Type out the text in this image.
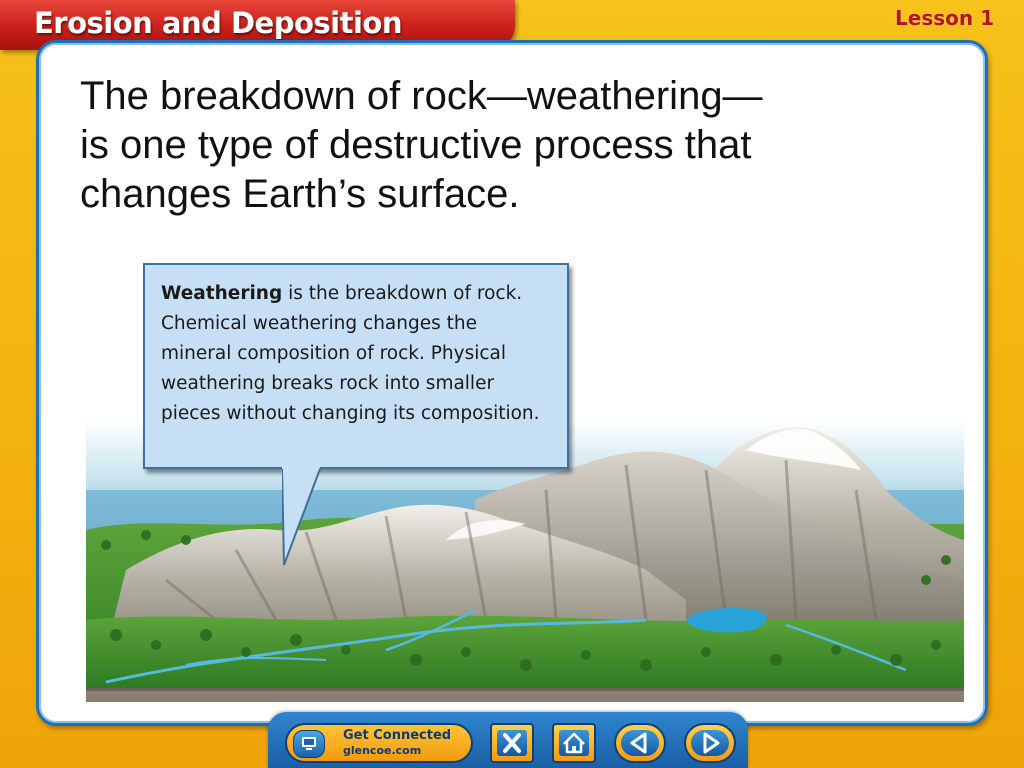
Erosion and Deposition	Lesson 1
The breakdown of rock—weathering—
is one type of destructive process that
changes Earth’s surface.
Weathering is the breakdown of rock. Chemical weathering changes the mineral composition of rock. Physical weathering breaks rock into smaller pieces without changing its composition.
Get Connected
glencoe.com
